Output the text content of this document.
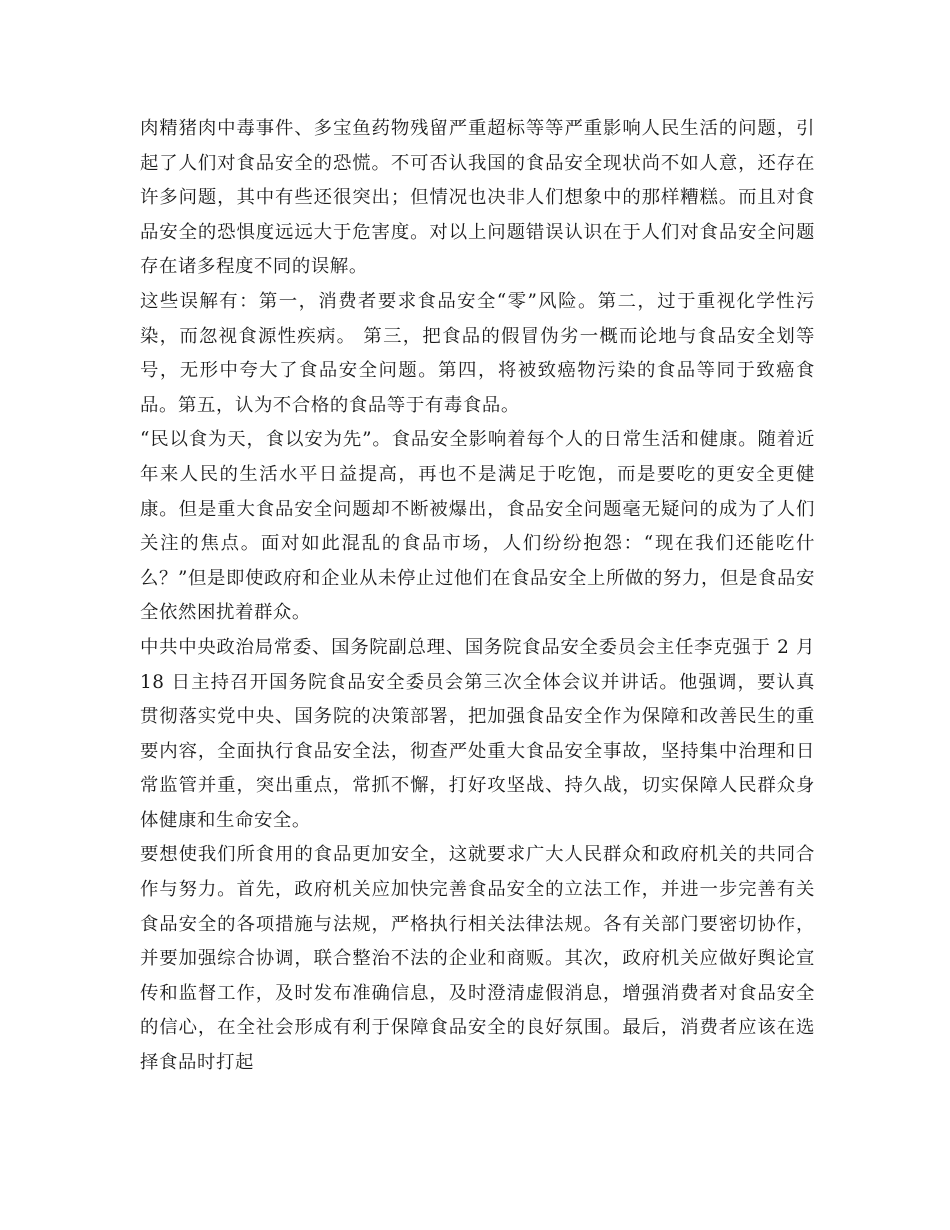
肉精猪肉中毒事件、多宝鱼药物残留严重超标等等严重影响人民生活的问题，引起了人们对食品安全的恐慌。不可否认我国的食品安全现状尚不如人意，还存在许多问题，其中有些还很突出；但情况也决非人们想象中的那样糟糕。而且对食品安全的恐惧度远远大于危害度。对以上问题错误认识在于人们对食品安全问题存在诸多程度不同的误解。

这些误解有：第一，消费者要求食品安全“零”风险。第二，过于重视化学性污染，而忽视食源性疾病。 第三，把食品的假冒伪劣一概而论地与食品安全划等号，无形中夸大了食品安全问题。第四，将被致癌物污染的食品等同于致癌食品。第五，认为不合格的食品等于有毒食品。

“民以食为天，食以安为先”。食品安全影响着每个人的日常生活和健康。随着近年来人民的生活水平日益提高，再也不是满足于吃饱，而是要吃的更安全更健康。但是重大食品安全问题却不断被爆出，食品安全问题毫无疑问的成为了人们关注的焦点。面对如此混乱的食品市场，人们纷纷抱怨：“现在我们还能吃什么？”但是即使政府和企业从未停止过他们在食品安全上所做的努力，但是食品安全依然困扰着群众。

中共中央政治局常委、国务院副总理、国务院食品安全委员会主任李克强于 2 月 18 日主持召开国务院食品安全委员会第三次全体会议并讲话。他强调，要认真贯彻落实党中央、国务院的决策部署，把加强食品安全作为保障和改善民生的重要内容，全面执行食品安全法，彻查严处重大食品安全事故，坚持集中治理和日常监管并重，突出重点，常抓不懈，打好攻坚战、持久战，切实保障人民群众身体健康和生命安全。

要想使我们所食用的食品更加安全，这就要求广大人民群众和政府机关的共同合作与努力。首先，政府机关应加快完善食品安全的立法工作，并进一步完善有关食品安全的各项措施与法规，严格执行相关法律法规。各有关部门要密切协作，并要加强综合协调，联合整治不法的企业和商贩。其次，政府机关应做好舆论宣传和监督工作，及时发布准确信息，及时澄清虚假消息，增强消费者对食品安全的信心，在全社会形成有利于保障食品安全的良好氛围。最后，消费者应该在选择食品时打起
